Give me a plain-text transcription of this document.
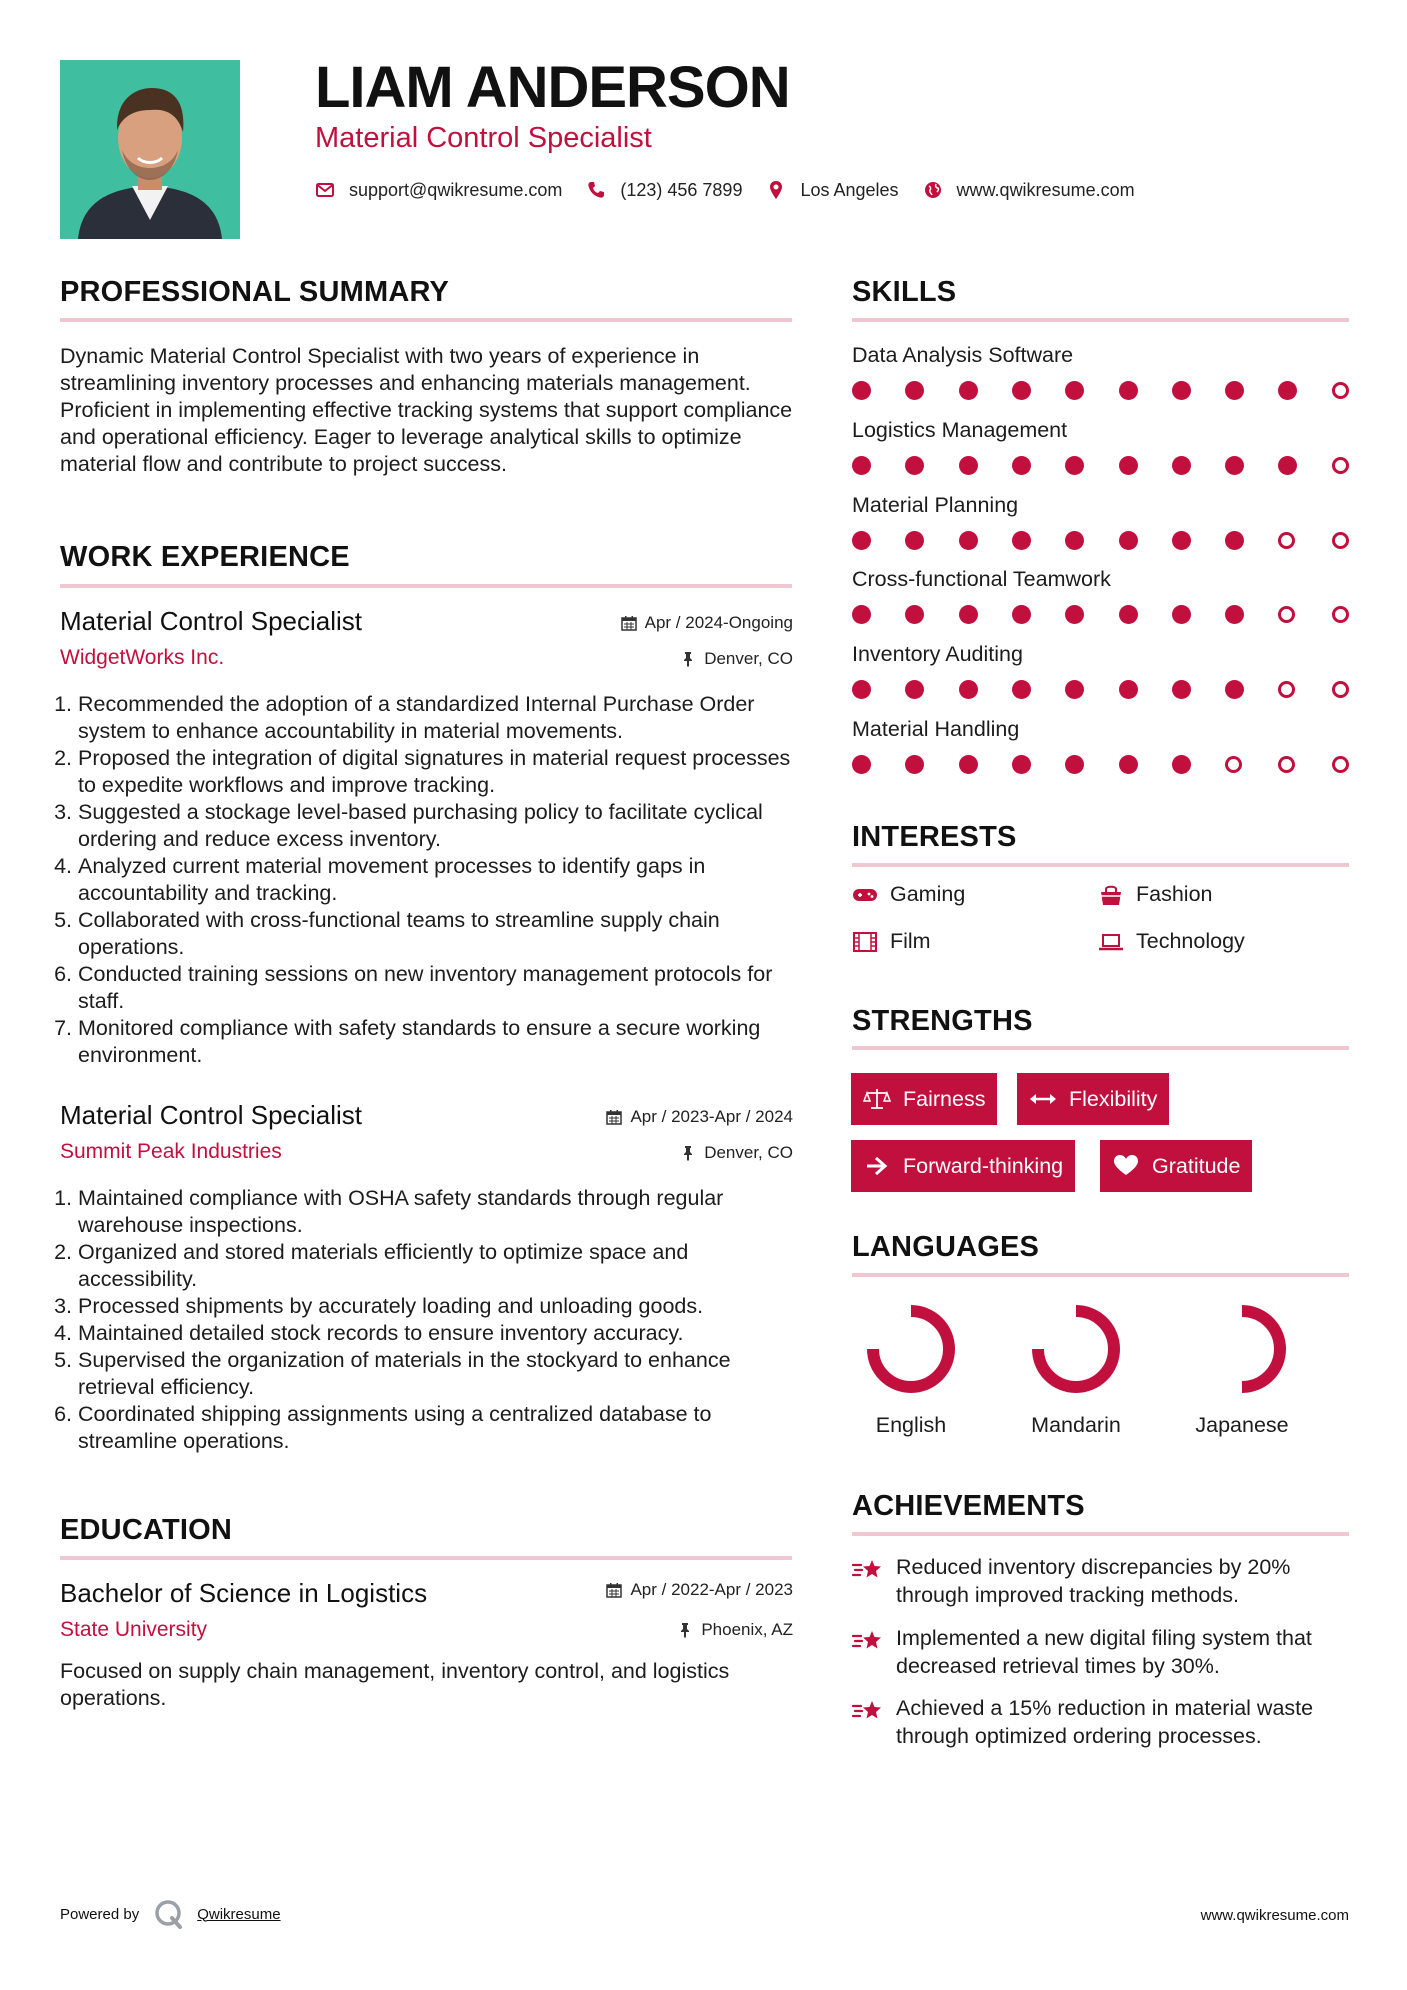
LIAM ANDERSON
Material Control Specialist
support@qwikresume.com	(123) 456 7899	Los Angeles	www.qwikresume.com
PROFESSIONAL SUMMARY
Dynamic Material Control Specialist with two years of experience in streamlining inventory processes and enhancing materials management. Proficient in implementing effective tracking systems that support compliance and operational efficiency. Eager to leverage analytical skills to optimize material flow and contribute to project success.
WORK EXPERIENCE
Material Control Specialist
WidgetWorks Inc.
Apr / 2024-Ongoing
Denver, CO
1. Recommended the adoption of a standardized Internal Purchase Order system to enhance accountability in material movements.
2. Proposed the integration of digital signatures in material request processes to expedite workflows and improve tracking.
3. Suggested a stockage level-based purchasing policy to facilitate cyclical ordering and reduce excess inventory.
4. Analyzed current material movement processes to identify gaps in accountability and tracking.
5. Collaborated with cross-functional teams to streamline supply chain operations.
6. Conducted training sessions on new inventory management protocols for staff.
7. Monitored compliance with safety standards to ensure a secure working environment.
Material Control Specialist
Summit Peak Industries
Apr / 2023-Apr / 2024
Denver, CO
1. Maintained compliance with OSHA safety standards through regular warehouse inspections.
2. Organized and stored materials efficiently to optimize space and accessibility.
3. Processed shipments by accurately loading and unloading goods.
4. Maintained detailed stock records to ensure inventory accuracy.
5. Supervised the organization of materials in the stockyard to enhance retrieval efficiency.
6. Coordinated shipping assignments using a centralized database to streamline operations.
EDUCATION
Bachelor of Science in Logistics
State University
Apr / 2022-Apr / 2023
Phoenix, AZ
Focused on supply chain management, inventory control, and logistics operations.
SKILLS
Data Analysis Software
Logistics Management
Material Planning
Cross-functional Teamwork
Inventory Auditing
Material Handling
INTERESTS
Gaming	Fashion
Film	Technology
STRENGTHS
Fairness	Flexibility
Forward-thinking	Gratitude
LANGUAGES
English	Mandarin	Japanese
ACHIEVEMENTS
Reduced inventory discrepancies by 20% through improved tracking methods.
Implemented a new digital filing system that decreased retrieval times by 30%.
Achieved a 15% reduction in material waste through optimized ordering processes.
Powered by	Qwikresume	www.qwikresume.com
